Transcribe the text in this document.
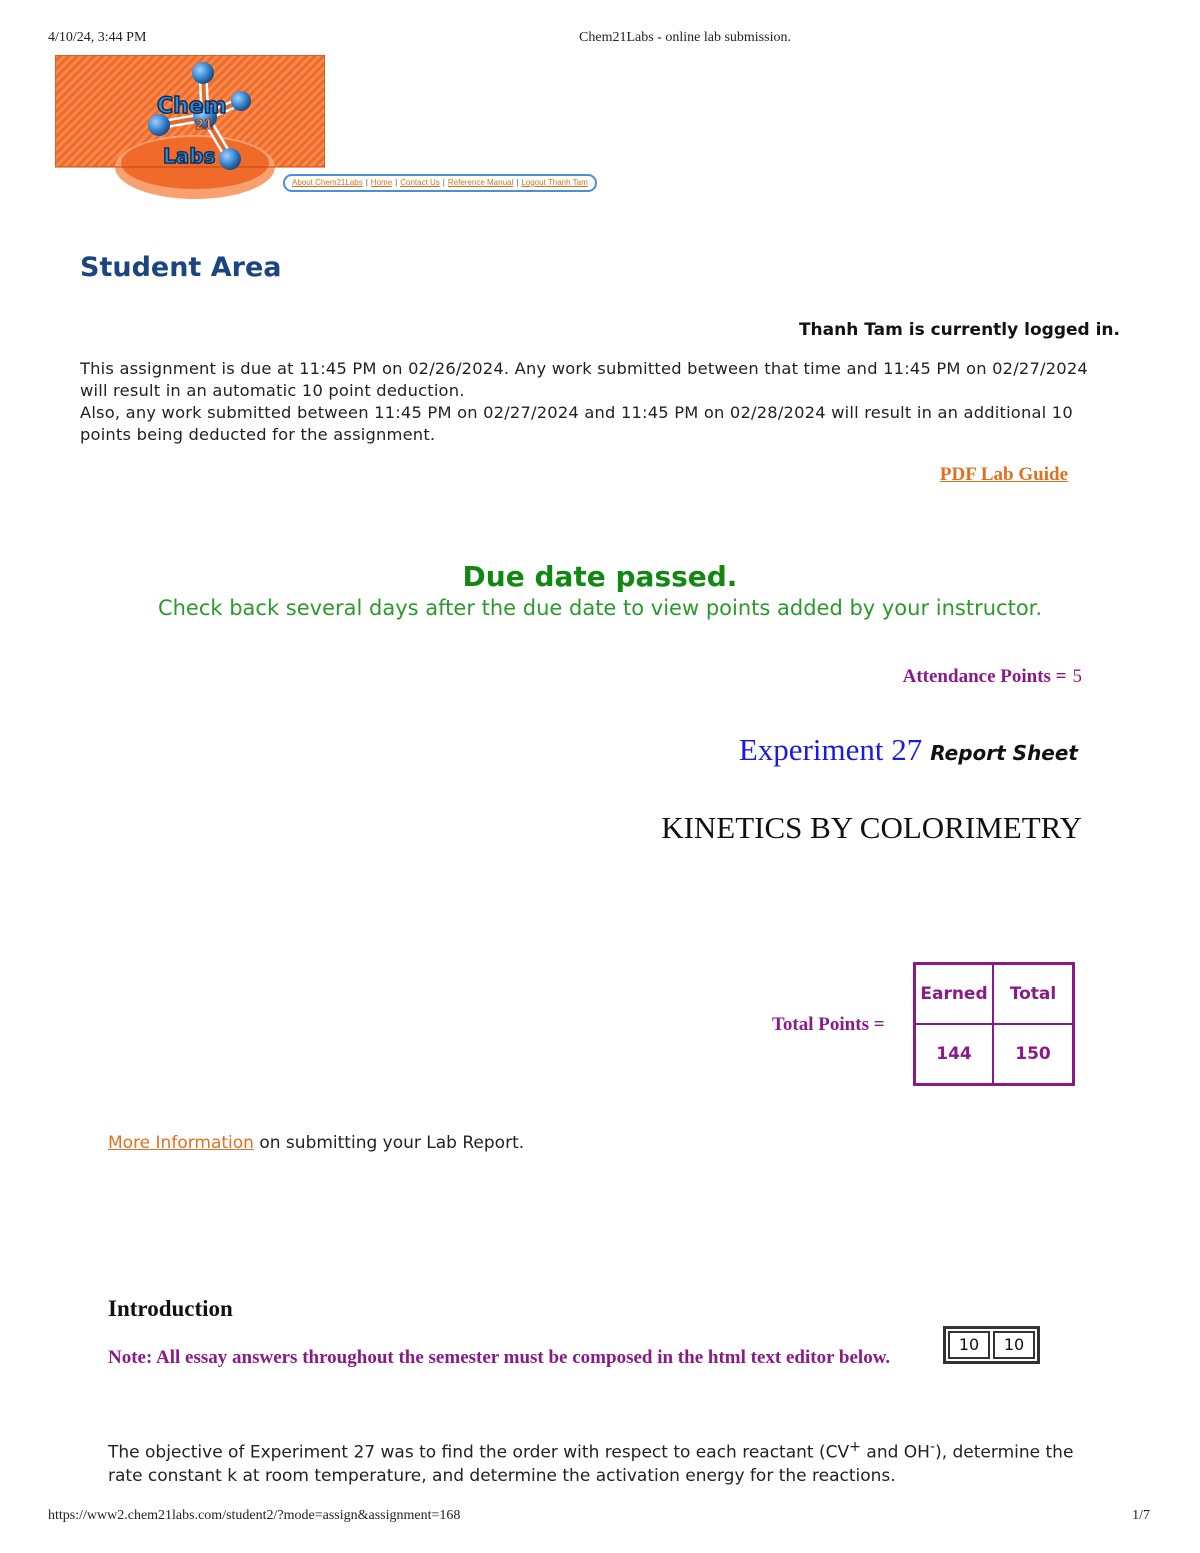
4/10/24, 3:44 PM	Chem21Labs - online lab submission.
Chem
21
Labs
About Chem21Labs | Home | Contact Us | Reference Manual | Logout Thanh Tam
Student Area
Thanh Tam is currently logged in.

This assignment is due at 11:45 PM on 02/26/2024. Any work submitted between that time and 11:45 PM on 02/27/2024 will result in an automatic 10 point deduction.

Also, any work submitted between 11:45 PM on 02/27/2024 and 11:45 PM on 02/28/2024 will result in an additional 10 points being deducted for the assignment.

PDF Lab Guide
Due date passed.
Check back several days after the due date to view points added by your instructor.
Attendance Points = 5
Experiment 27 Report Sheet
KINETICS BY COLORIMETRY
Total Points =
Earned	Total
144	150
More Information on submitting your Lab Report.
Introduction
10	10
Note: All essay answers throughout the semester must be composed in the html text editor below.
The objective of Experiment 27 was to find the order with respect to each reactant (CV+ and OH-), determine the rate constant k at room temperature, and determine the activation energy for the reactions.
https://www2.chem21labs.com/student2/?mode=assign&assignment=168	1/7
